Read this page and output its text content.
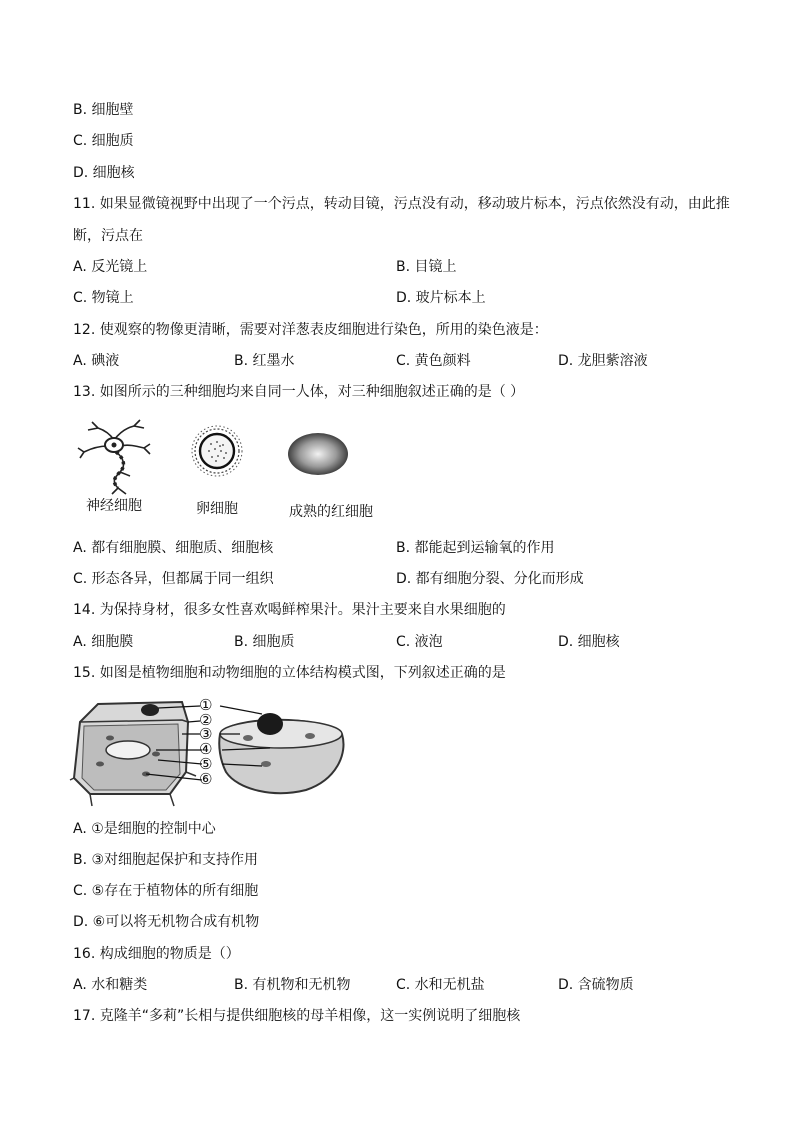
B. 细胞壁
C. 细胞质
D. 细胞核
11. 如果显微镜视野中出现了一个污点，转动目镜，污点没有动，移动玻片标本，污点依然没有动，由此推
断，污点在
A. 反光镜上	B. 目镜上
C. 物镜上	D. 玻片标本上
12. 使观察的物像更清晰，需要对洋葱表皮细胞进行染色，所用的染色液是：
A. 碘液	B. 红墨水	C. 黄色颜料	D. 龙胆紫溶液
13. 如图所示的三种细胞均来自同一人体，对三种细胞叙述正确的是（ ）
神经细胞	卵细胞	成熟的红细胞
A. 都有细胞膜、细胞质、细胞核	B. 都能起到运输氧的作用
C. 形态各异，但都属于同一组织	D. 都有细胞分裂、分化而形成
14. 为保持身材，很多女性喜欢喝鲜榨果汁。果汁主要来自水果细胞的
A. 细胞膜	B. 细胞质	C. 液泡	D. 细胞核
15. 如图是植物细胞和动物细胞的立体结构模式图，下列叙述正确的是
①
②
③
④
⑤
⑥
A. ①是细胞的控制中心
B. ③对细胞起保护和支持作用
C. ⑤存在于植物体的所有细胞
D. ⑥可以将无机物合成有机物
16. 构成细胞的物质是（）
A. 水和糖类	B. 有机物和无机物	C. 水和无机盐	D. 含硫物质
17. 克隆羊“多莉”长相与提供细胞核的母羊相像，这一实例说明了细胞核
